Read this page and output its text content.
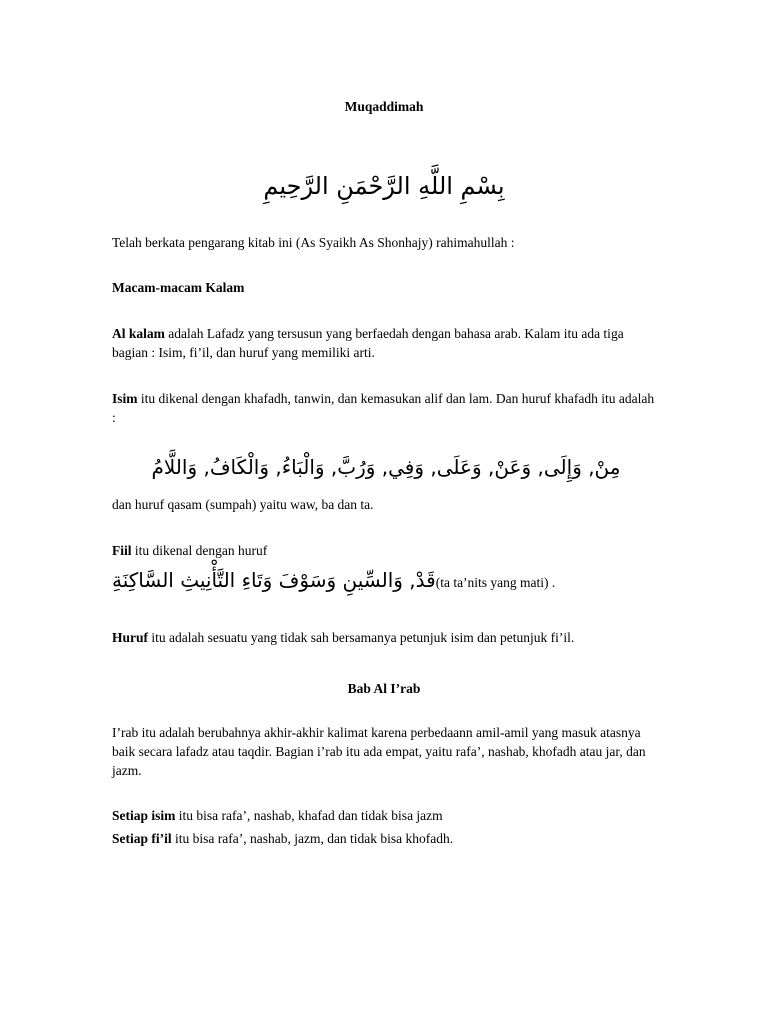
Muqaddimah

بِسْمِ اللَّهِ الرَّحْمَنِ الرَّحِيمِ

Telah berkata pengarang kitab ini (As Syaikh As Shonhajy) rahimahullah :

Macam-macam Kalam

Al kalam adalah Lafadz yang tersusun yang berfaedah dengan bahasa arab. Kalam itu ada tiga bagian : Isim, fi’il, dan huruf yang memiliki arti.

Isim itu dikenal dengan khafadh, tanwin, dan kemasukan alif dan lam. Dan huruf khafadh itu adalah :

مِنْ, وَإِلَى, وَعَنْ, وَعَلَى, وَفِي, وَرُبَّ, وَالْبَاءُ, وَالْكَافُ, وَاللَّامُ

dan huruf qasam (sumpah) yaitu waw, ba dan ta.

Fiil itu dikenal dengan huruf

قَدْ, وَالسِّينِ وَسَوْفَ وَتَاءِ التَّأْنِيثِ السَّاكِنَةِ(ta ta’nits yang mati) .

Huruf itu adalah sesuatu yang tidak sah bersamanya petunjuk isim dan petunjuk fi’il.

Bab Al I’rab

I’rab itu adalah berubahnya akhir-akhir kalimat karena perbedaann amil-amil yang masuk atasnya baik secara lafadz atau taqdir. Bagian i’rab itu ada empat, yaitu rafa’, nashab, khofadh atau jar, dan jazm.

Setiap isim itu bisa rafa’, nashab, khafad dan tidak bisa jazm

Setiap fi’il itu bisa rafa’, nashab, jazm, dan tidak bisa khofadh.
